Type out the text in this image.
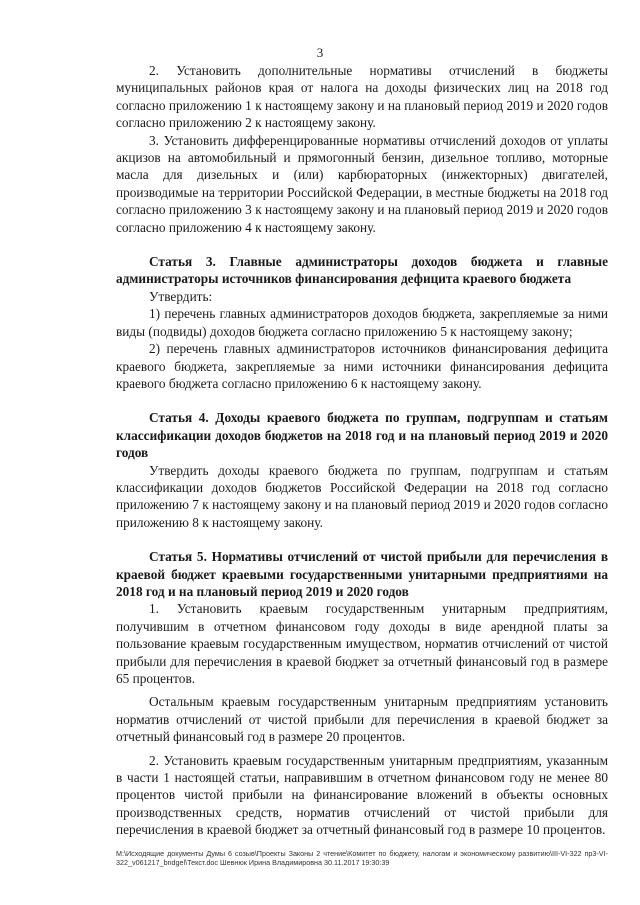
3

2. Установить дополнительные нормативы отчислений в бюджеты муниципальных районов края от налога на доходы физических лиц на 2018 год согласно приложению 1 к настоящему закону и на плановый период 2019 и 2020 годов согласно приложению 2 к настоящему закону.

3. Установить дифференцированные нормативы отчислений доходов от уплаты акцизов на автомобильный и прямогонный бензин, дизельное топливо, моторные масла для дизельных и (или) карбюраторных (инжекторных) двигателей, производимые на территории Российской Федерации, в местные бюджеты на 2018 год согласно приложению 3 к настоящему закону и на плановый период 2019 и 2020 годов согласно приложению 4 к настоящему закону.

Статья 3. Главные администраторы доходов бюджета и главные администраторы источников финансирования дефицита краевого бюджета

Утвердить:

1) перечень главных администраторов доходов бюджета, закрепляемые за ними виды (подвиды) доходов бюджета согласно приложению 5 к настоящему закону;

2) перечень главных администраторов источников финансирования дефицита краевого бюджета, закрепляемые за ними источники финансирования дефицита краевого бюджета согласно приложению 6 к настоящему закону.

Статья 4. Доходы краевого бюджета по группам, подгруппам и статьям классификации доходов бюджетов на 2018 год и на плановый период 2019 и 2020 годов

Утвердить доходы краевого бюджета по группам, подгруппам и статьям классификации доходов бюджетов Российской Федерации на 2018 год согласно приложению 7 к настоящему закону и на плановый период 2019 и 2020 годов согласно приложению 8 к настоящему закону.

Статья 5. Нормативы отчислений от чистой прибыли для перечисления в краевой бюджет краевыми государственными унитарными предприятиями на 2018 год и на плановый период 2019 и 2020 годов

1. Установить краевым государственным унитарным предприятиям, получившим в отчетном финансовом году доходы в виде арендной платы за пользование краевым государственным имуществом, норматив отчислений от чистой прибыли для перечисления в краевой бюджет за отчетный финансовый год в размере 65 процентов.

Остальным краевым государственным унитарным предприятиям установить норматив отчислений от чистой прибыли для перечисления в краевой бюджет за отчетный финансовый год в размере 20 процентов.

2. Установить краевым государственным унитарным предприятиям, указанным в части 1 настоящей статьи, направившим в отчетном финансовом году не менее 80 процентов чистой прибыли на финансирование вложений в объекты основных производственных средств, норматив отчислений от чистой прибыли для перечисления в краевой бюджет за отчетный финансовый год в размере 10 процентов.

M:\Исходящие документы Думы 6 созыв\Проекты Законы 2 чтение\Комитет по бюджету, налогам и экономическому развитию\III-VI-322 пр3-VI-322_v061217_bndgel\Текст.doc Шевнюк Ирина Владимировна 30.11.2017 19:30:39
